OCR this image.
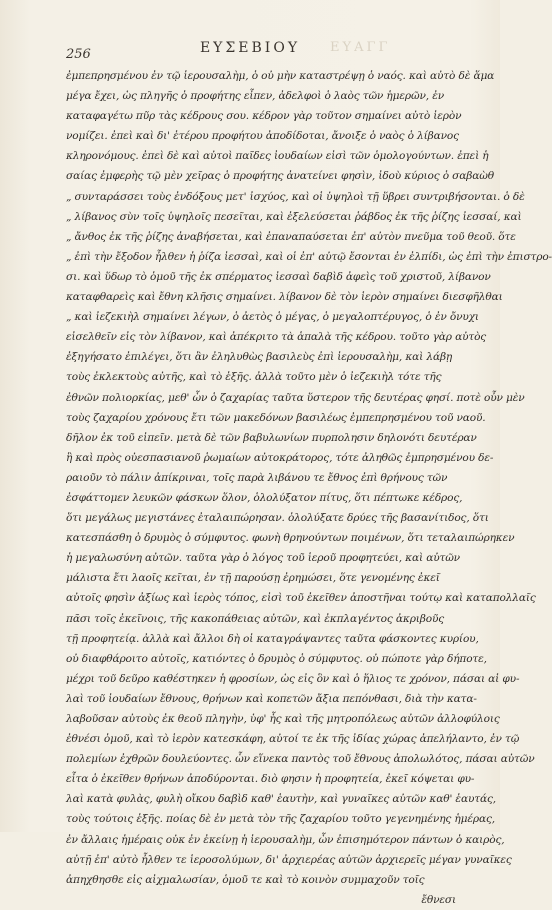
256	ΕΥΣΕΒΙΟΥ	ΕΥΑΓΓ
ἐμπεπρησμένου ἐν τῷ ἱερουσαλὴμ, ὁ οὐ μὴν καταστρέψῃ ὁ ναός. καὶ αὐτὸ δὲ ἅμα
μέγα ἔχει, ὡς πληγῆς ὁ προφήτης εἶπεν, ἀδελφοὶ ὁ λαὸς τῶν ἡμερῶν, ἐν
καταφαγέτω πῦρ τὰς κέδρους σου. κέδρον γὰρ τοῦτον σημαίνει αὐτὸ ἱερὸν
νομίζει. ἐπεὶ καὶ δι' ἑτέρου προφήτου ἀποδίδοται, ἄνοιξε ὁ ναὸς ὁ λίβανος
κληρονόμους. ἐπεὶ δὲ καὶ αὐτοὶ παῖδες ἰουδαίων εἰσὶ τῶν ὁμολογούντων. ἐπεὶ ἡ
σαίας ἐμφερὴς τῷ μὲν χεῖρας ὁ προφήτης ἀνατείνει φησὶν, ἰδοὺ κύριος ὁ σαβαὼθ
„ συνταράσσει τοὺς ἐνδόξους μετ' ἰσχύος, καὶ οἱ ὑψηλοὶ τῇ ὕβρει συντριβήσονται. ὁ δὲ
„ λίβανος σὺν τοῖς ὑψηλοῖς πεσεῖται, καὶ ἐξελεύσεται ῥάβδος ἐκ τῆς ῥίζης ἰεσσαί, καὶ
„ ἄνθος ἐκ τῆς ῥίζης ἀναβήσεται, καὶ ἐπαναπαύσεται ἐπ' αὐτὸν πνεῦμα τοῦ θεοῦ. ὅτε
„ ἐπὶ τὴν ἔξοδον ἦλθεν ἡ ῥίζα ἰεσσαὶ, καὶ οἱ ἐπ' αὐτῷ ἔσονται ἐν ἐλπίδι, ὡς ἐπὶ τὴν ἐπιστρο-
σι. καὶ ὕδωρ τὸ ὁμοῦ τῆς ἐκ σπέρματος ἰεσσαὶ δαβὶδ ἀφεὶς τοῦ χριστοῦ, λίβανον
καταφθαρεὶς καὶ ἔθνη κλῆσις σημαίνει. λίβανον δὲ τὸν ἱερὸν σημαίνει διεσφῆλθαι
„ καὶ ἰεζεκιὴλ σημαίνει λέγων, ὁ ἀετὸς ὁ μέγας, ὁ μεγαλοπτέρυγος, ὁ ἐν ὄνυχι
εἰσελθεῖν εἰς τὸν λίβανον, καὶ ἀπέκριτο τὰ ἁπαλὰ τῆς κέδρου. τοῦτο γὰρ αὐτὸς
ἐξηγήσατο ἐπιλέγει, ὅτι ἂν ἐληλυθὼς βασιλεὺς ἐπὶ ἱερουσαλὴμ, καὶ λάβῃ
τοὺς ἐκλεκτοὺς αὐτῆς, καὶ τὸ ἑξῆς. ἀλλὰ τοῦτο μὲν ὁ ἰεζεκιὴλ τότε τῆς
ἐθνῶν πολιορκίας, μεθ' ὧν ὁ ζαχαρίας ταῦτα ὕστερον τῆς δευτέρας φησί. ποτὲ οὖν μὲν
τοὺς ζαχαρίου χρόνους ἔτι τῶν μακεδόνων βασιλέως ἐμπεπρησμένου τοῦ ναοῦ.
δῆλον ἐκ τοῦ εἰπεῖν. μετὰ δὲ τῶν βαβυλωνίων πυρπολησιν δηλονότι δευτέραν
ἣ καὶ πρὸς οὐεσπασιανοῦ ῥωμαίων αὐτοκράτορος, τότε ἀληθῶς ἐμπρησμένου δε-
ραιοῦν τὸ πάλιν ἀπίκριναι, τοῖς παρὰ λιβάνου τε ἔθνος ἐπὶ θρήνους τῶν
ἐσφάττομεν λευκῶν φάσκων ὅλον, ὁλολύξατον πίτυς, ὅτι πέπτωκε κέδρος,
ὅτι μεγάλως μεγιστάνες ἐταλαιπώρησαν. ὁλολύξατε δρύες τῆς βασανίτιδος, ὅτι
κατεσπάσθη ὁ δρυμὸς ὁ σύμφυτος. φωνὴ θρηνούντων ποιμένων, ὅτι τεταλαιπώρηκεν
ἡ μεγαλωσύνη αὐτῶν. ταῦτα γὰρ ὁ λόγος τοῦ ἱεροῦ προφητεύει, καὶ αὐτῶν
μάλιστα ἔτι λαοῖς κεῖται, ἐν τῇ παρούσῃ ἐρημώσει, ὅτε γενομένης ἐκεῖ
αὐτοῖς φησὶν ἀξίως καὶ ἱερὸς τόπος, εἰσὶ τοῦ ἐκεῖθεν ἀποστῆναι τούτῳ καὶ καταπολλαῖς
πᾶσι τοῖς ἐκεῖνοις, τῆς κακοπάθειας αὐτῶν, καὶ ἐκπλαγέντος ἀκριβοῦς
τῇ προφητείᾳ. ἀλλὰ καὶ ἄλλοι δὴ οἱ καταγράψαντες ταῦτα φάσκοντες κυρίου,
οὐ διαφθάροιτο αὐτοῖς, κατιόντες ὁ δρυμὸς ὁ σύμφυτος. οὐ πώποτε γὰρ δήποτε,
μέχρι τοῦ δεῦρο καθέστηκεν ἡ φροσίων, ὡς εἰς ὃν καὶ ὁ ἥλιος τε χρόνον, πάσαι αἱ φυ-
λαὶ τοῦ ἰουδαίων ἔθνους, θρήνων καὶ κοπετῶν ἄξια πεπόνθασι, διὰ τὴν κατα-
λαβοῦσαν αὐτοὺς ἐκ θεοῦ πληγὴν, ὑφ' ἧς καὶ τῆς μητροπόλεως αὐτῶν ἀλλοφύλοις
ἐθνέσι ὁμοῦ, καὶ τὸ ἱερὸν κατεσκάφη, αὐτοί τε ἐκ τῆς ἰδίας χώρας ἀπελήλαντο, ἐν τῷ
πολεμίων ἐχθρῶν δουλεύοντες. ὧν εἵνεκα παντὸς τοῦ ἔθνους ἀπολωλότος, πάσαι αὐτῶν
εἶτα ὁ ἐκεῖθεν θρήνων ἀποδύρονται. διὸ φησιν ἡ προφητεία, ἐκεῖ κόψεται φυ-
λαὶ κατὰ φυλὰς, φυλὴ οἴκου δαβὶδ καθ' ἑαυτὴν, καὶ γυναῖκες αὐτῶν καθ' ἑαυτάς,
τοὺς τούτοις ἑξῆς. ποίας δὲ ἐν μετὰ τὸν τῆς ζαχαρίου τοῦτο γεγενημένης ἡμέρας,
ἐν ἄλλαις ἡμέραις οὐκ ἐν ἐκείνῃ ἡ ἱερουσαλὴμ, ὧν ἐπισημότερον πάντων ὁ καιρὸς,
αὐτῇ ἐπ' αὐτὸ ἦλθεν τε ἱεροσολύμων, δι' ἀρχιερέας αὐτῶν ἀρχιερεῖς μέγαν γυναῖκες
ἀπηχθησθε εἰς αἰχμαλωσίαν, ὁμοῦ τε καὶ τὸ κοινὸν συμμαχοῦν τοῖς
ἔθνεσι
